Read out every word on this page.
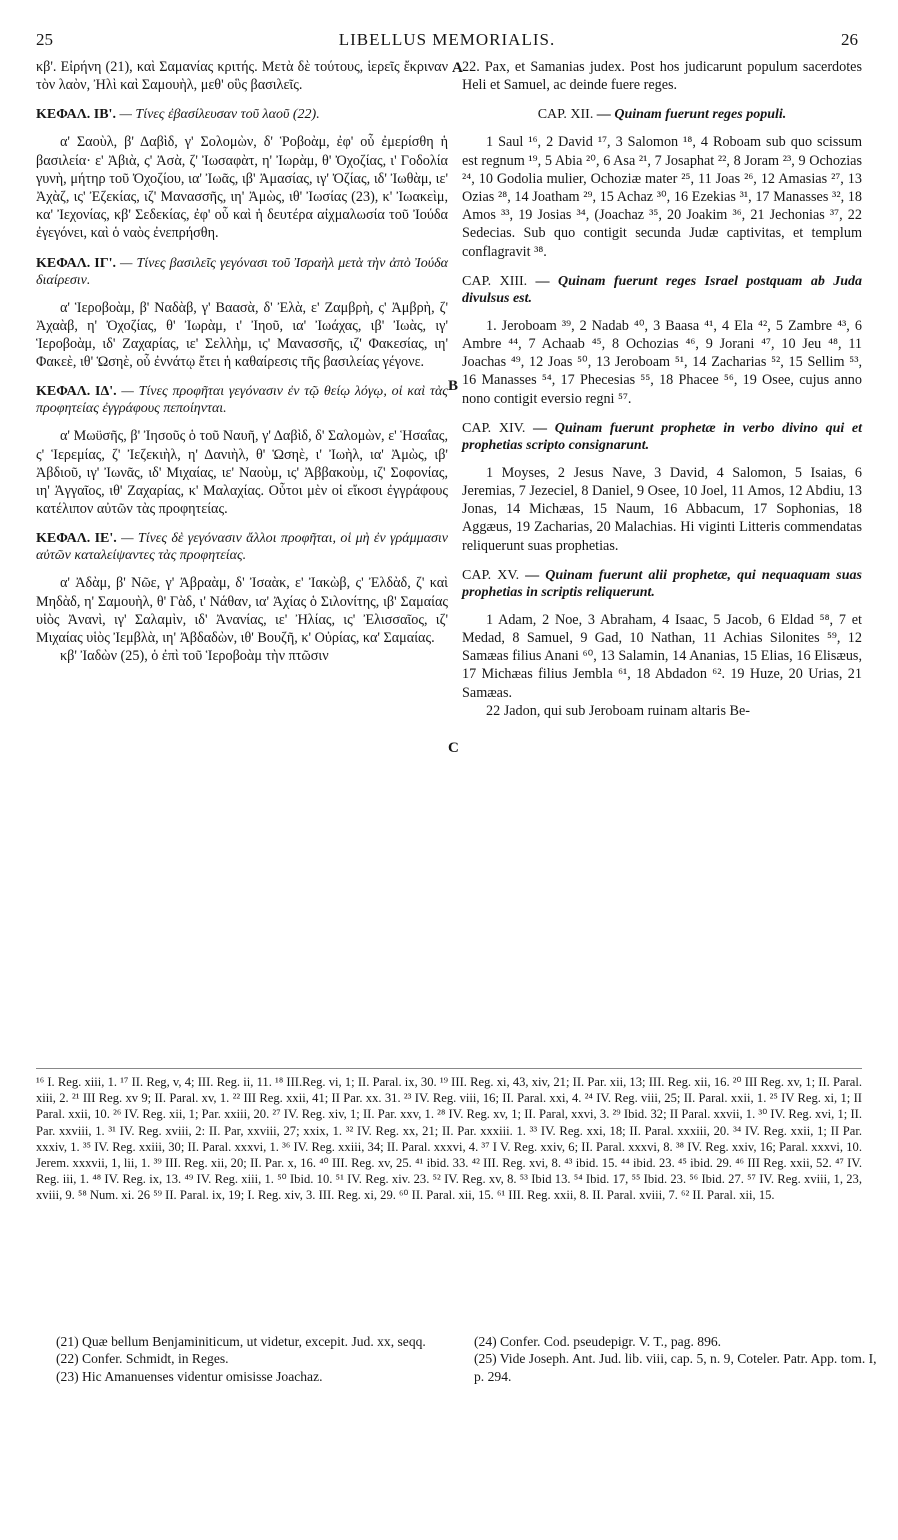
25	LIBELLUS MEMORIALIS.	26

κβ'. Εἰρήνη (21), καὶ Σαμανίας κριτής. Μετὰ δὲ τούτους, ἱερεῖς ἔκριναν τὸν λαὸν, Ἠλὶ καὶ Σαμουὴλ, μεθ' οὓς βασιλεῖς.

ΚΕΦΑΛ. ΙΒ'. — Τίνες ἐβασίλευσαν τοῦ λαοῦ (22).

α' Σαοὺλ, β' Δαβὶδ, γ' Σολομὼν, δ' Ῥοβοὰμ, ἐφ' οὗ ἐμερίσθη ἡ βασιλεία· ε' Ἀβιὰ, ς' Ἀσὰ, ζ' Ἰωσαφὰτ, η' Ἰωρὰμ, θ' Ὀχοζίας, ι' Γοδολία γυνὴ, μήτηρ τοῦ Ὀχοζίου, ια' Ἰωᾶς, ιβ' Ἀμασίας, ιγ' Ὀζίας, ιδ' Ἰωθὰμ, ιε' Ἀχὰζ, ις' Ἐζεκίας, ιζ' Μανασσῆς, ιη' Ἀμὼς, ιθ' Ἰωσίας (23), κ' Ἰωακεὶμ, κα' Ἰεχονίας, κβ' Σεδεκίας, ἐφ' οὗ καὶ ἡ δευτέρα αἰχμαλωσία τοῦ Ἰούδα ἐγεγόνει, καὶ ὁ ναὸς ἐνεπρήσθη.

ΚΕΦΑΛ. ΙΓ'. — Τίνες βασιλεῖς γεγόνασι τοῦ Ἰσραὴλ μετὰ τὴν ἀπὸ Ἰούδα διαίρεσιν.

α' Ἱεροβοὰμ, β' Ναδὰβ, γ' Βαασὰ, δ' Ἐλὰ, ε' Ζαμβρὴ, ς' Ἀμβρὴ, ζ' Ἀχαὰβ, η' Ὀχοζίας, θ' Ἰωρὰμ, ι' Ἰηοῦ, ια' Ἰωάχας, ιβ' Ἰωὰς, ιγ' Ἱεροβοὰμ, ιδ' Ζαχαρίας, ιε' Σελλὴμ, ις' Μανασσῆς, ιζ' Φακεσίας, ιη' Φακεὲ, ιθ' Ὡσηὲ, οὗ ἐννάτῳ ἔτει ἡ καθαίρεσις τῆς βασιλείας γέγονε.

ΚΕΦΑΛ. ΙΔ'. — Τίνες προφῆται γεγόνασιν ἐν τῷ θείῳ λόγῳ, οἱ καὶ τὰς προφητείας ἐγγράφους πεποίηνται.

α' Μωϋσῆς, β' Ἰησοῦς ὁ τοῦ Ναυῆ, γ' Δαβὶδ, δ' Σαλομὼν, ε' Ἡσαΐας, ς' Ἱερεμίας, ζ' Ἰεζεκιὴλ, η' Δανιὴλ, θ' Ὡσηὲ, ι' Ἰωὴλ, ια' Ἀμὼς, ιβ' Ἀβδιοῦ, ιγ' Ἰωνᾶς, ιδ' Μιχαίας, ιε' Ναοὺμ, ις' Ἀββακοὺμ, ιζ' Σοφονίας, ιη' Ἀγγαῖος, ιθ' Ζαχαρίας, κ' Μαλαχίας. Οὗτοι μὲν οἱ εἴκοσι ἐγγράφους κατέλιπον αὐτῶν τὰς προφητείας.

ΚΕΦΑΛ. ΙΕ'. — Τίνες δὲ γεγόνασιν ἄλλοι προφῆται, οἱ μὴ ἐν γράμμασιν αὐτῶν καταλείψαντες τὰς προφητείας.

α' Ἀδὰμ, β' Νῶε, γ' Ἀβραὰμ, δ' Ἰσαὰκ, ε' Ἰακὼβ, ς' Ἐλδὰδ, ζ' καὶ Μηδὰδ, η' Σαμουὴλ, θ' Γὰδ, ι' Νάθαν, ια' Ἀχίας ὁ Σιλονίτης, ιβ' Σαμαίας υἱὸς Ἀνανὶ, ιγ' Σαλαμὶν, ιδ' Ἀνανίας, ιε' Ἠλίας, ις' Ἐλισσαῖος, ιζ' Μιχαίας υἱὸς Ἰεμβλὰ, ιη' Ἀβδαδὼν, ιθ' Βουζῆ, κ' Οὐρίας, κα' Σαμαίας.

κβ' Ἰαδὼν (25), ὁ ἐπὶ τοῦ Ἱεροβοὰμ τὴν πτῶσιν

22. Pax, et Samanias judex. Post hos judicarunt populum sacerdotes Heli et Samuel, ac deinde fuere reges.

CAP. XII. — Quinam fuerunt reges populi.

1 Saul ¹⁶, 2 David ¹⁷, 3 Salomon ¹⁸, 4 Roboam sub quo scissum est regnum ¹⁹, 5 Abia ²⁰, 6 Asa ²¹, 7 Josaphat ²², 8 Joram ²³, 9 Ochozias ²⁴, 10 Godolia mulier, Ochoziæ mater ²⁵, 11 Joas ²⁶, 12 Amasias ²⁷, 13 Ozias ²⁸, 14 Joatham ²⁹, 15 Achaz ³⁰, 16 Ezekias ³¹, 17 Manasses ³², 18 Amos ³³, 19 Josias ³⁴, (Joachaz ³⁵, 20 Joakim ³⁶, 21 Jechonias ³⁷, 22 Sedecias. Sub quo contigit secunda Judæ captivitas, et templum conflagravit ³⁸.

CAP. XIII. — Quinam fuerunt reges Israel postquam ab Juda divulsus est.

1. Jeroboam ³⁹, 2 Nadab ⁴⁰, 3 Baasa ⁴¹, 4 Ela ⁴², 5 Zambre ⁴³, 6 Ambre ⁴⁴, 7 Achaab ⁴⁵, 8 Ochozias ⁴⁶, 9 Jorani ⁴⁷, 10 Jeu ⁴⁸, 11 Joachas ⁴⁹, 12 Joas ⁵⁰, 13 Jeroboam ⁵¹, 14 Zacharias ⁵², 15 Sellim ⁵³, 16 Manasses ⁵⁴, 17 Phecesias ⁵⁵, 18 Phacee ⁵⁶, 19 Osee, cujus anno nono contigit eversio regni ⁵⁷.

CAP. XIV. — Quinam fuerunt prophetæ in verbo divino qui et prophetias scripto consignarunt.

1 Moyses, 2 Jesus Nave, 3 David, 4 Salomon, 5 Isaias, 6 Jeremias, 7 Jezeciel, 8 Daniel, 9 Osee, 10 Joel, 11 Amos, 12 Abdiu, 13 Jonas, 14 Michæas, 15 Naum, 16 Abbacum, 17 Sophonias, 18 Aggæus, 19 Zacharias, 20 Malachias. Hi viginti Litteris commendatas reliquerunt suas prophetias.

CAP. XV. — Quinam fuerunt alii prophetæ, qui nequaquam suas prophetias in scriptis reliquerunt.

1 Adam, 2 Noe, 3 Abraham, 4 Isaac, 5 Jacob, 6 Eldad ⁵⁸, 7 et Medad, 8 Samuel, 9 Gad, 10 Nathan, 11 Achias Silonites ⁵⁹, 12 Samæas filius Anani ⁶⁰, 13 Salamin, 14 Ananias, 15 Elias, 16 Elisæus, 17 Michæas filius Jembla ⁶¹, 18 Abdadon ⁶². 19 Huze, 20 Urias, 21 Samæas.

22 Jadon, qui sub Jeroboam ruinam altaris Be-

A
B
C

¹⁶ I. Reg. xiii, 1. ¹⁷ II. Reg, v, 4; III. Reg. ii, 11. ¹⁸ III.Reg. vi, 1; II. Paral. ix, 30. ¹⁹ III. Reg. xi, 43, xiv, 21; II. Par. xii, 13; III. Reg. xii, 16. ²⁰ III Reg. xv, 1; II. Paral. xiii, 2. ²¹ III Reg. xv 9; II. Paral. xv, 1. ²² III Reg. xxii, 41; II Par. xx. 31. ²³ IV. Reg. viii, 16; II. Paral. xxi, 4. ²⁴ IV. Reg. viii, 25; II. Paral. xxii, 1. ²⁵ IV Reg. xi, 1; II Paral. xxii, 10. ²⁶ IV. Reg. xii, 1; Par. xxiii, 20. ²⁷ IV. Reg. xiv, 1; II. Par. xxv, 1. ²⁸ IV. Reg. xv, 1; II. Paral, xxvi, 3. ²⁹ Ibid. 32; II Paral. xxvii, 1. ³⁰ IV. Reg. xvi, 1; II. Par. xxviii, 1. ³¹ IV. Reg. xviii, 2: II. Par, xxviii, 27; xxix, 1. ³² IV. Reg. xx, 21; II. Par. xxxiii. 1. ³³ IV. Reg. xxi, 18; II. Paral. xxxiii, 20. ³⁴ IV. Reg. xxii, 1; II Par. xxxiv, 1. ³⁵ IV. Reg. xxiii, 30; II. Paral. xxxvi, 1. ³⁶ IV. Reg. xxiii, 34; II. Paral. xxxvi, 4. ³⁷ I V. Reg. xxiv, 6; II. Paral. xxxvi, 8. ³⁸ IV. Reg. xxiv, 16; Paral. xxxvi, 10. Jerem. xxxvii, 1, lii, 1. ³⁹ III. Reg. xii, 20; II. Par. x, 16. ⁴⁰ III. Reg. xv, 25. ⁴¹ ibid. 33. ⁴² III. Reg. xvi, 8. ⁴³ ibid. 15. ⁴⁴ ibid. 23. ⁴⁵ ibid. 29. ⁴⁶ III Reg. xxii, 52. ⁴⁷ IV. Reg. iii, 1. ⁴⁸ IV. Reg. ix, 13. ⁴⁹ IV. Reg. xiii, 1. ⁵⁰ Ibid. 10. ⁵¹ IV. Reg. xiv. 23. ⁵² IV. Reg. xv, 8. ⁵³ Ibid 13. ⁵⁴ Ibid. 17, ⁵⁵ Ibid. 23. ⁵⁶ Ibid. 27. ⁵⁷ IV. Reg. xviii, 1, 23, xviii, 9. ⁵⁸ Num. xi. 26 ⁵⁹ II. Paral. ix, 19; I. Reg. xiv, 3. III. Reg. xi, 29. ⁶⁰ II. Paral. xii, 15. ⁶¹ III. Reg. xxii, 8. II. Paral. xviii, 7. ⁶² II. Paral. xii, 15.

(21) Quæ bellum Benjaminiticum, ut videtur, excepit. Jud. xx, seqq.

(22) Confer. Schmidt, in Reges.

(23) Hic Amanuenses videntur omisisse Joachaz.

(24) Confer. Cod. pseudepigr. V. T., pag. 896.

(25) Vide Joseph. Ant. Jud. lib. viii, cap. 5, n. 9, Coteler. Patr. App. tom. I, p. 294.
